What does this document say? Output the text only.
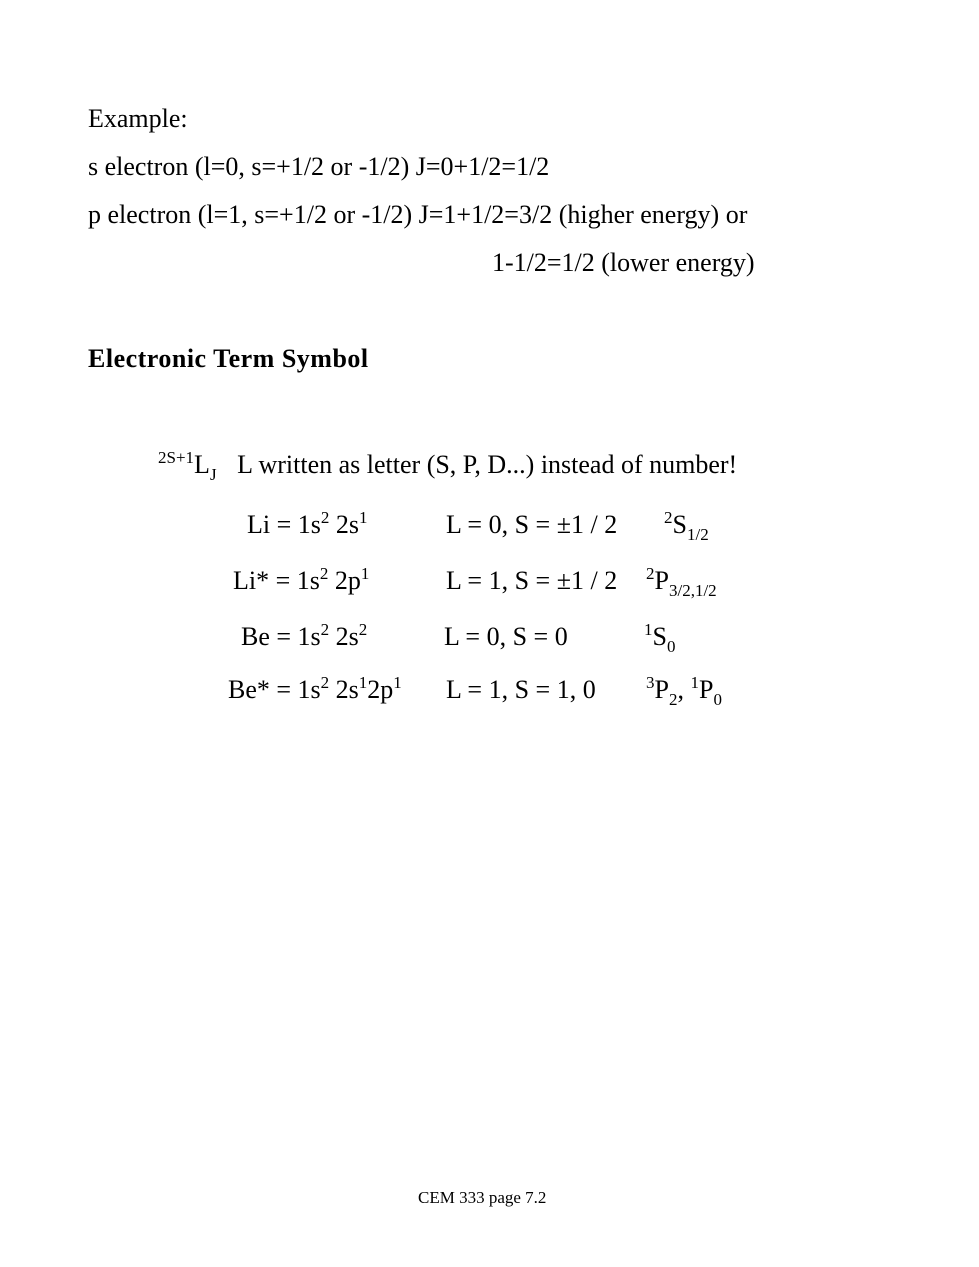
Example:
s electron (l=0, s=+1/2 or -1/2) J=0+1/2=1/2
p electron (l=1, s=+1/2 or -1/2) J=1+1/2=3/2 (higher energy) or
1-1/2=1/2 (lower energy)
Electronic Term Symbol
$^{2S+1}L_J$ L written as letter (S, P, D...) instead of number!
$Li = 1s^2$ $2s^1$	L = 0, S = ±1 / 2	$^2S_{1/2}$
$Li* = 1s^2$ $2p^1$	L = 1, S = ±1 / 2 $^2P_{3/2,1/2}$
$Be = 1s^2$ $2s^2$	L = 0, S = 0	$^1S_0$
$Be* = 1s^2$ $2s^12p^1$ L = 1, S = 1, 0	$^3P_2$, $^1P_0$
CEM 333 page 7.2
